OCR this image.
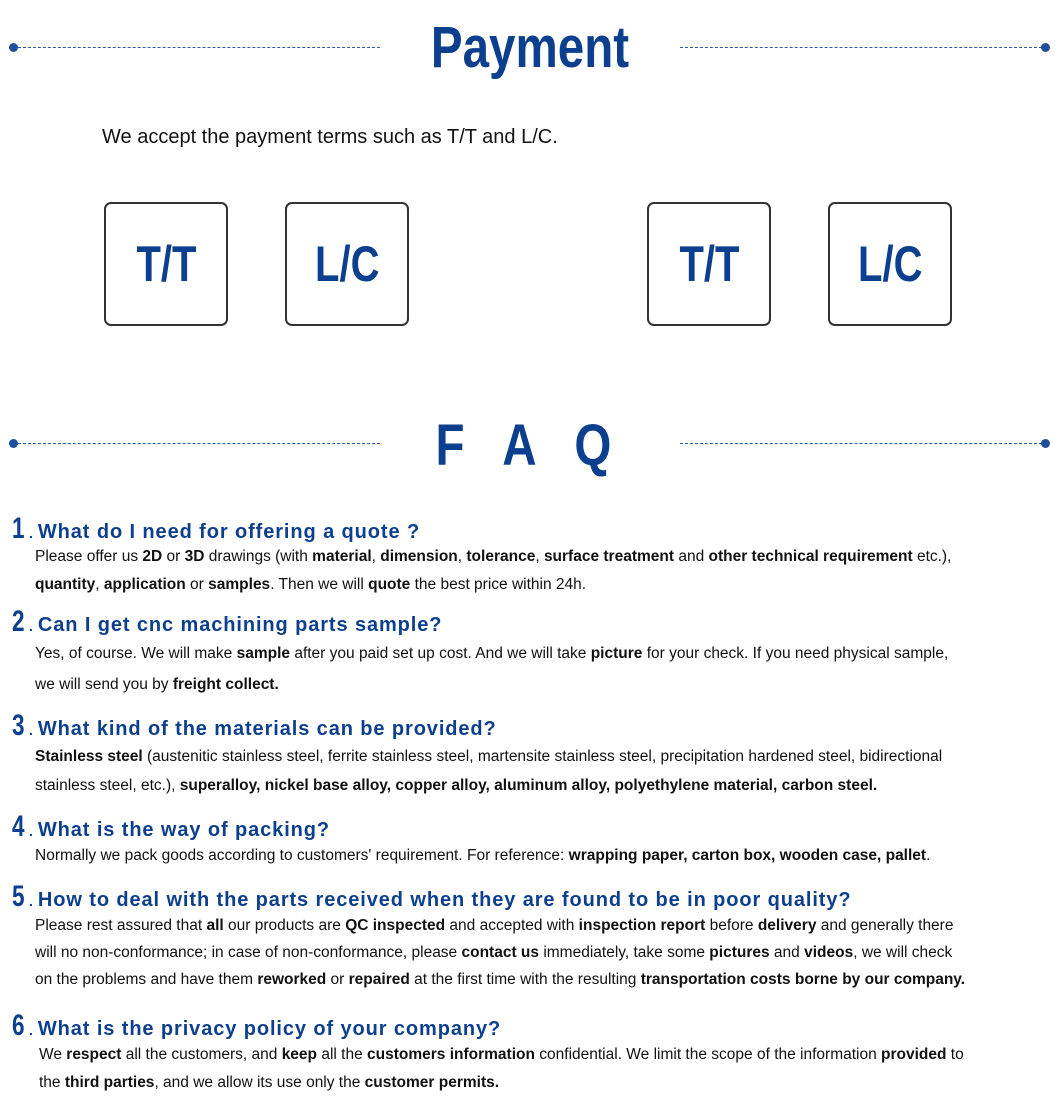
Payment
We accept the payment terms such as T/T and L/C.
T/T L/C	T/T L/C
F A Q
1 . What do I need for offering a quote ?
Please offer us 2D or 3D drawings (with material, dimension, tolerance, surface treatment and other technical requirement etc.),
quantity, application or samples. Then we will quote the best price within 24h.
2 . Can I get cnc machining parts sample?
Yes, of course. We will make sample after you paid set up cost. And we will take picture for your check. If you need physical sample,
we will send you by freight collect.
3 . What kind of the materials can be provided?
Stainless steel (austenitic stainless steel, ferrite stainless steel, martensite stainless steel, precipitation hardened steel, bidirectional
stainless steel, etc.), superalloy, nickel base alloy, copper alloy, aluminum alloy, polyethylene material, carbon steel.
4 . What is the way of packing?
Normally we pack goods according to customers' requirement. For reference: wrapping paper, carton box, wooden case, pallet.
5 . How to deal with the parts received when they are found to be in poor quality?
Please rest assured that all our products are QC inspected and accepted with inspection report before delivery and generally there
will no non-conformance; in case of non-conformance, please contact us immediately, take some pictures and videos, we will check
on the problems and have them reworked or repaired at the first time with the resulting transportation costs borne by our company.
6 . What is the privacy policy of your company?
We respect all the customers, and keep all the customers information confidential. We limit the scope of the information provided to
the third parties, and we allow its use only the customer permits.
